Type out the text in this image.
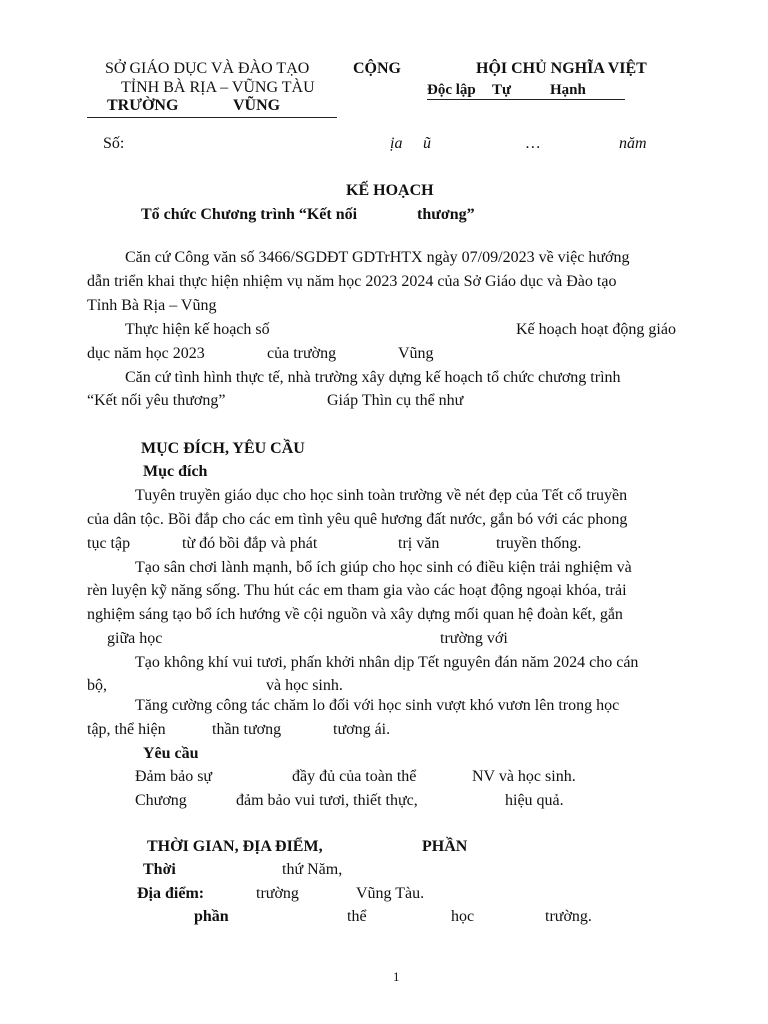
SỞ GIÁO DỤC VÀ ĐÀO TẠO
TỈNH BÀ RỊA – VŨNG TÀU
TRƯỜNG	VŨNG
CỘNG	HỘI CHỦ NGHĨA VIỆT
Độc lập Tự	Hạnh
Số:	ịa ũ	…	năm
KẾ HOẠCH
Tổ chức Chương trình “Kết nối	thương”
Căn cứ Công văn số 3466/SGDĐT GDTrHTX ngày 07/09/2023 về việc hướng
dẫn triển khai thực hiện nhiệm vụ năm học 2023 2024 của Sở Giáo dục và Đào tạo
Tỉnh Bà Rịa – Vũng
Thực hiện kế hoạch số	Kế hoạch hoạt động giáo
dục năm học 2023	của trường	Vũng
Căn cứ tình hình thực tế, nhà trường xây dựng kế hoạch tổ chức chương trình
“Kết nối yêu thương”	Giáp Thìn cụ thể như
MỤC ĐÍCH, YÊU CẦU
Mục đích
Tuyên truyền giáo dục cho học sinh toàn trường về nét đẹp của Tết cổ truyền
của dân tộc. Bồi đắp cho các em tình yêu quê hương đất nước, gắn bó với các phong
tục tập	từ đó bồi đắp và phát	trị văn	truyền thống.
Tạo sân chơi lành mạnh, bổ ích giúp cho học sinh có điều kiện trải nghiệm và
rèn luyện kỹ năng sống. Thu hút các em tham gia vào các hoạt động ngoại khóa, trải
nghiệm sáng tạo bổ ích hướng về cội nguồn và xây dựng mối quan hệ đoàn kết, gắn
giữa học	trường với
Tạo không khí vui tươi, phấn khởi nhân dịp Tết nguyên đán năm 2024 cho cán
bộ,	và học sinh.
Tăng cường công tác chăm lo đối với học sinh vượt khó vươn lên trong học
tập, thể hiện	thần tương	tương ái.
Yêu cầu
Đảm bảo sự	đầy đủ của toàn thể	NV và học sinh.
Chương	đảm bảo vui tươi, thiết thực,	hiệu quả.
THỜI GIAN, ĐỊA ĐIỂM,	PHẦN
Thời	thứ Năm,
Địa điểm:	trường	Vũng Tàu.
phần	thể	học	trường.
1
